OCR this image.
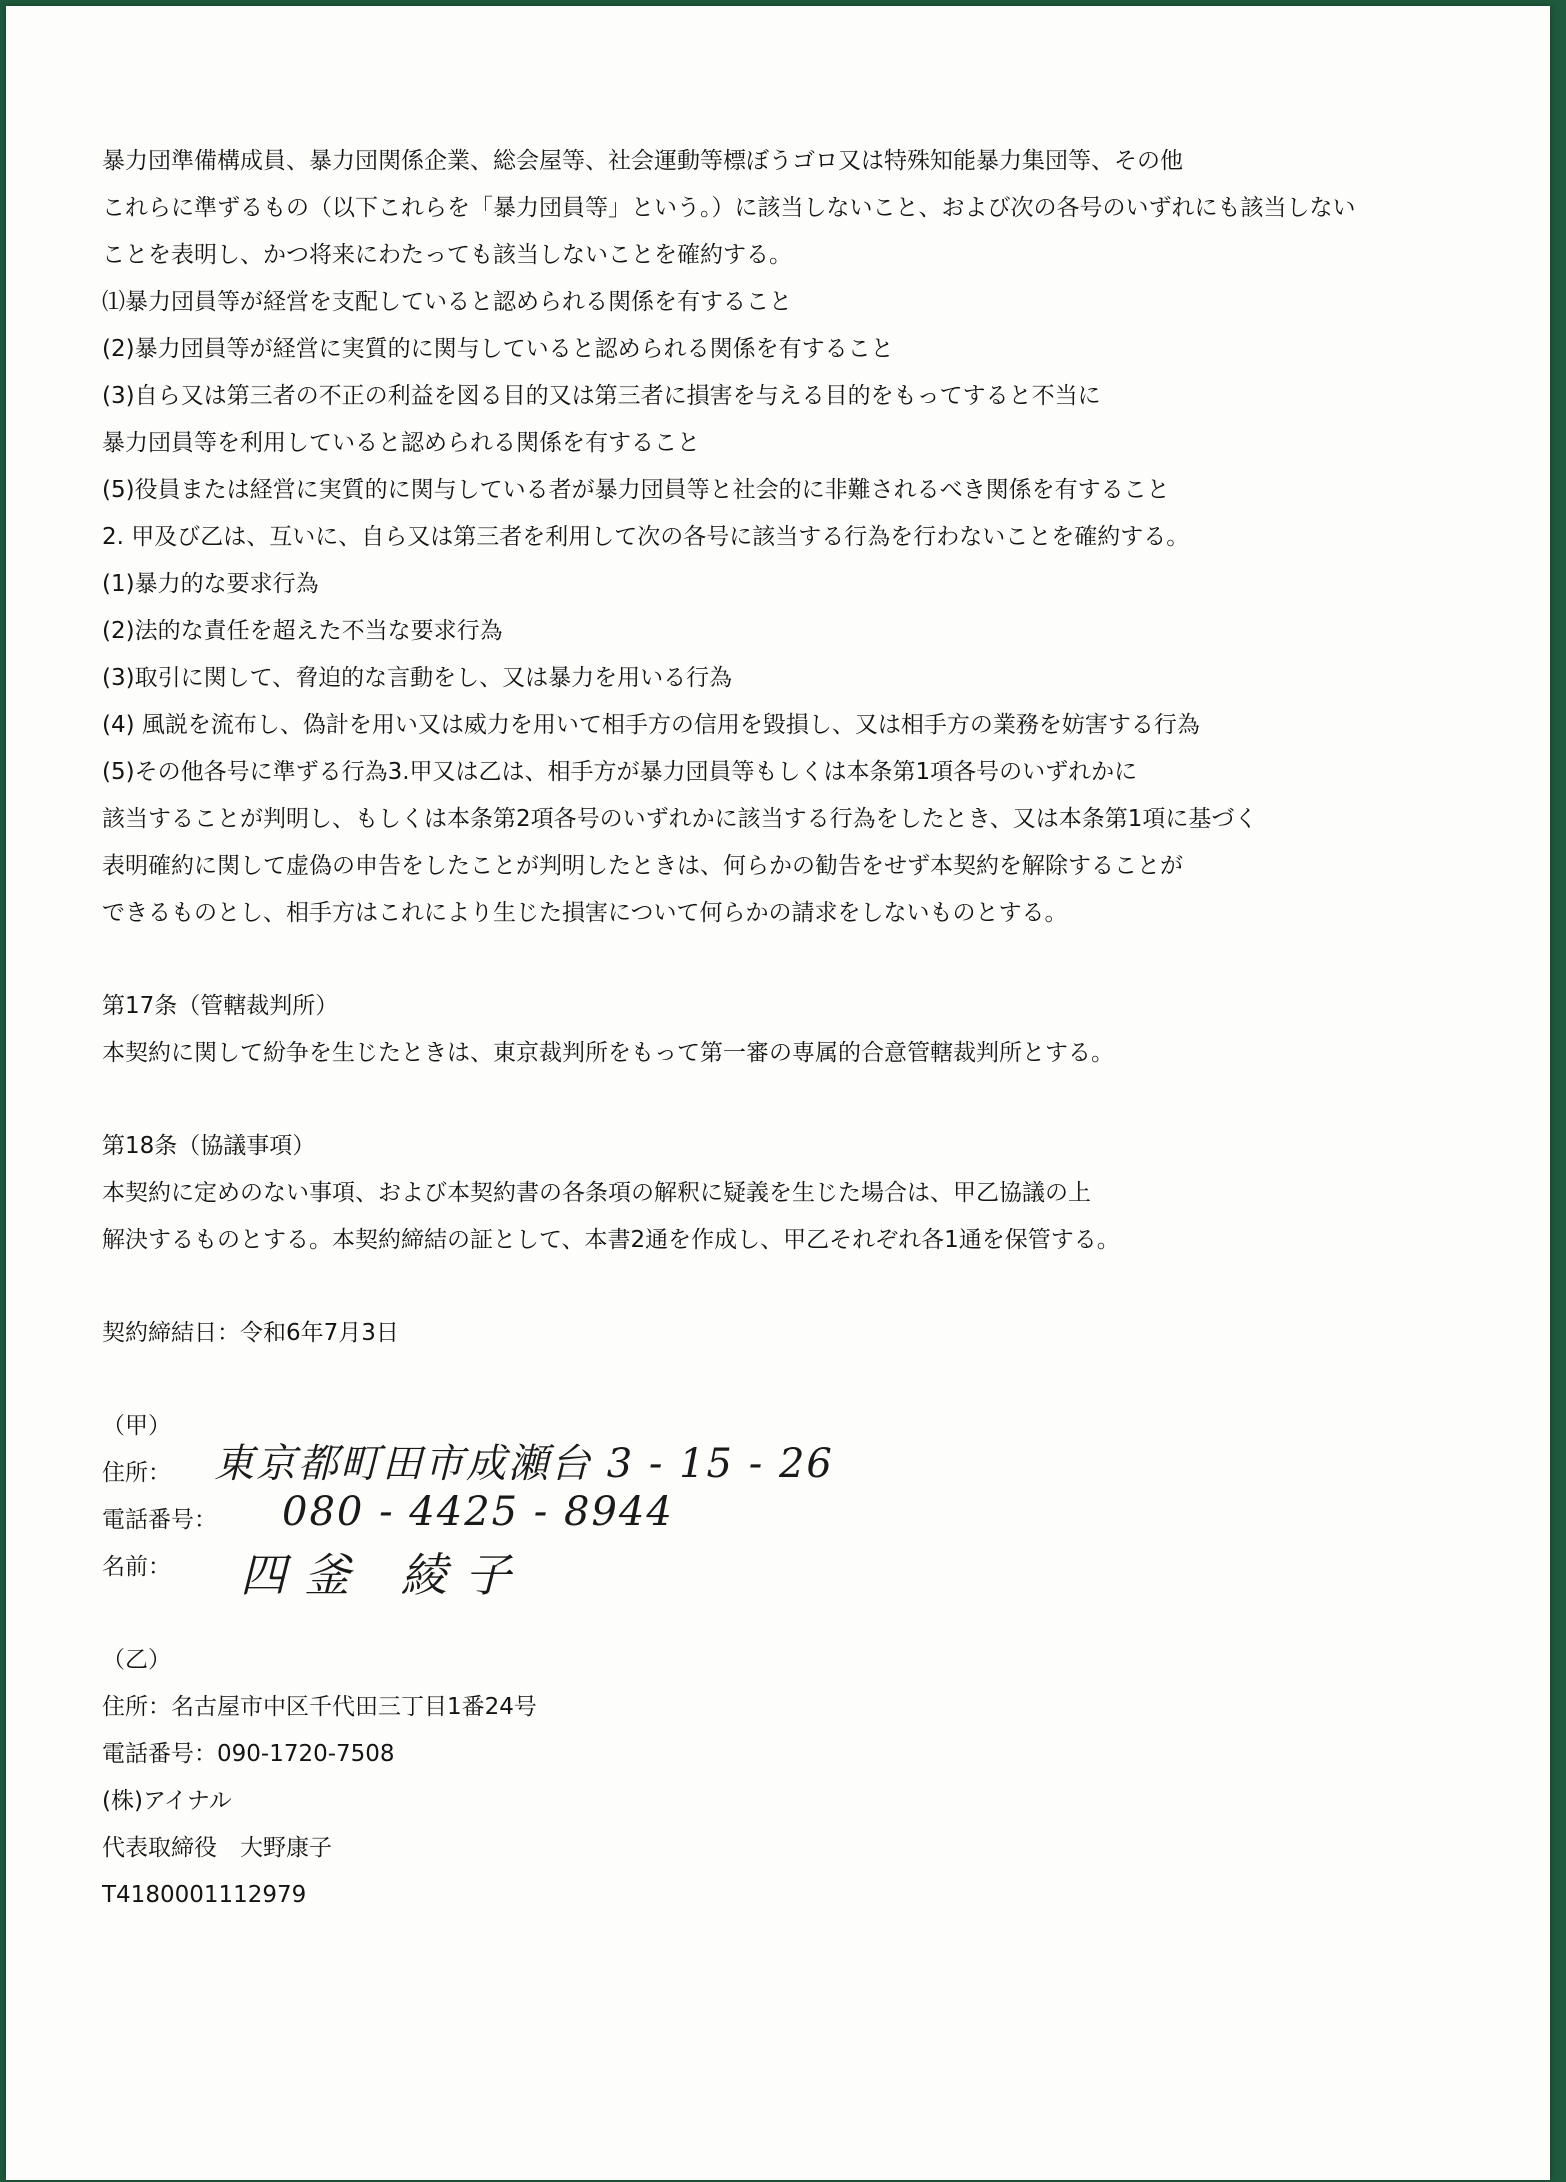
暴力団準備構成員、暴力団関係企業、総会屋等、社会運動等標ぼうゴロ又は特殊知能暴力集団等、その他
これらに準ずるもの（以下これらを「暴力団員等」という。）に該当しないこと、および次の各号のいずれにも該当しない
ことを表明し、かつ将来にわたっても該当しないことを確約する。
⑴暴力団員等が経営を支配していると認められる関係を有すること
(2)暴力団員等が経営に実質的に関与していると認められる関係を有すること
(3)自ら又は第三者の不正の利益を図る目的又は第三者に損害を与える目的をもってすると不当に
暴力団員等を利用していると認められる関係を有すること
(5)役員または経営に実質的に関与している者が暴力団員等と社会的に非難されるべき関係を有すること
2. 甲及び乙は、互いに、自ら又は第三者を利用して次の各号に該当する行為を行わないことを確約する。
(1)暴力的な要求行為
(2)法的な責任を超えた不当な要求行為
(3)取引に関して、脅迫的な言動をし、又は暴力を用いる行為
(4) 風説を流布し、偽計を用い又は威力を用いて相手方の信用を毀損し、又は相手方の業務を妨害する行為
(5)その他各号に準ずる行為3.甲又は乙は、相手方が暴力団員等もしくは本条第1項各号のいずれかに
該当することが判明し、もしくは本条第2項各号のいずれかに該当する行為をしたとき、又は本条第1項に基づく
表明確約に関して虚偽の申告をしたことが判明したときは、何らかの勧告をせず本契約を解除することが
できるものとし、相手方はこれにより生じた損害について何らかの請求をしないものとする。
第17条（管轄裁判所）
本契約に関して紛争を生じたときは、東京裁判所をもって第一審の専属的合意管轄裁判所とする。
第18条（協議事項）
本契約に定めのない事項、および本契約書の各条項の解釈に疑義を生じた場合は、甲乙協議の上
解決するものとする。本契約締結の証として、本書2通を作成し、甲乙それぞれ各1通を保管する。
契約締結日：令和6年7月3日
（甲）
住所： 東京都町田市成瀬台 3 - 15 - 26
電話番号： 080 - 4425 - 8944
名前： 四釜 綾子
（乙）
住所：名古屋市中区千代田三丁目1番24号
電話番号：090-1720-7508
(株)アイナル
代表取締役　大野康子
T4180001112979
